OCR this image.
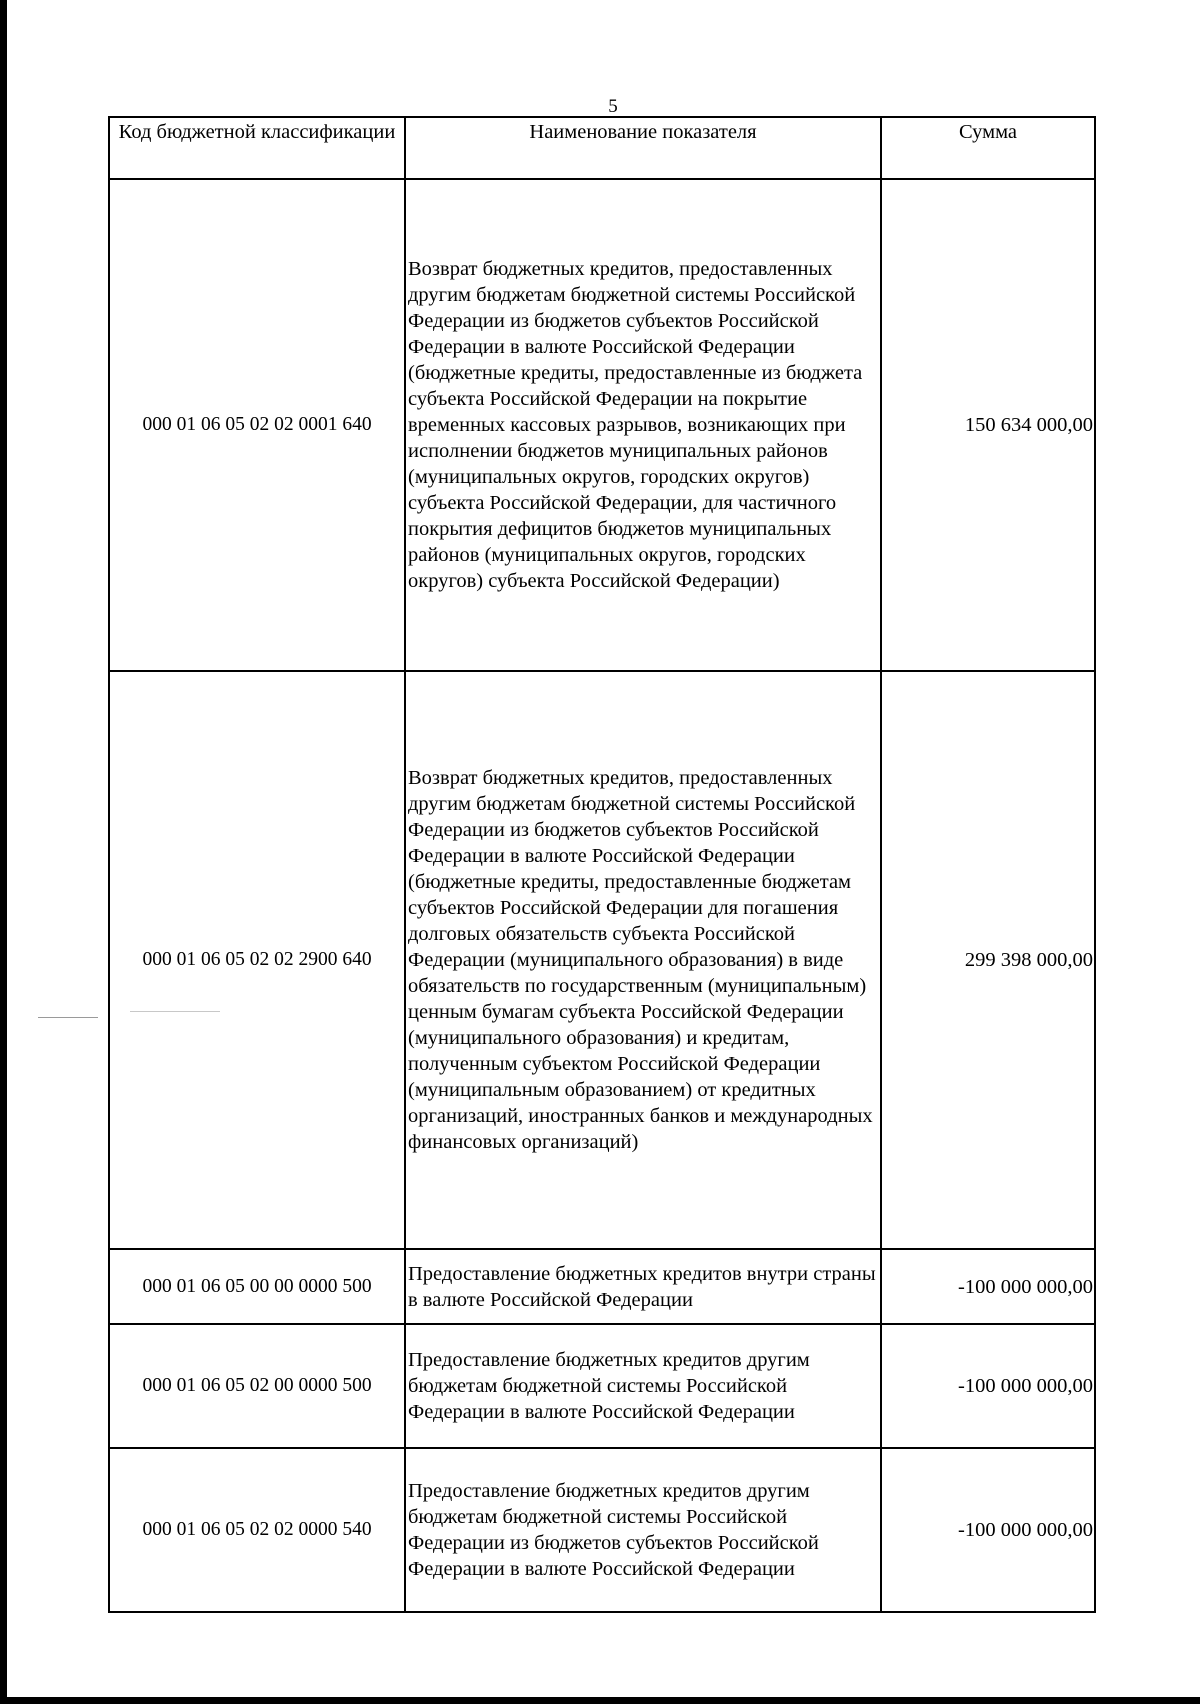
5
Код бюджетной классификации	Наименование показателя	Сумма
000 01 06 05 02 02 0001 640	Возврат бюджетных кредитов, предоставленных другим бюджетам бюджетной системы Российской Федерации из бюджетов субъектов Российской Федерации в валюте Российской Федерации (бюджетные кредиты, предоставленные из бюджета субъекта Российской Федерации на покрытие временных кассовых разрывов, возникающих при исполнении бюджетов муниципальных районов (муниципальных округов, городских округов) субъекта Российской Федерации, для частичного покрытия дефицитов бюджетов муниципальных районов (муниципальных округов, городских округов) субъекта Российской Федерации)	150 634 000,00
000 01 06 05 02 02 2900 640	Возврат бюджетных кредитов, предоставленных другим бюджетам бюджетной системы Российской Федерации из бюджетов субъектов Российской Федерации в валюте Российской Федерации (бюджетные кредиты, предоставленные бюджетам субъектов Российской Федерации для погашения долговых обязательств субъекта Российской Федерации (муниципального образования) в виде обязательств по государственным (муниципальным) ценным бумагам субъекта Российской Федерации (муниципального образования) и кредитам, полученным субъектом Российской Федерации (муниципальным образованием) от кредитных организаций, иностранных банков и международных финансовых организаций)	299 398 000,00
000 01 06 05 00 00 0000 500	Предоставление бюджетных кредитов внутри страны в валюте Российской Федерации	-100 000 000,00
000 01 06 05 02 00 0000 500	Предоставление бюджетных кредитов другим бюджетам бюджетной системы Российской Федерации в валюте Российской Федерации	-100 000 000,00
000 01 06 05 02 02 0000 540	Предоставление бюджетных кредитов другим бюджетам бюджетной системы Российской Федерации из бюджетов субъектов Российской Федерации в валюте Российской Федерации	-100 000 000,00
